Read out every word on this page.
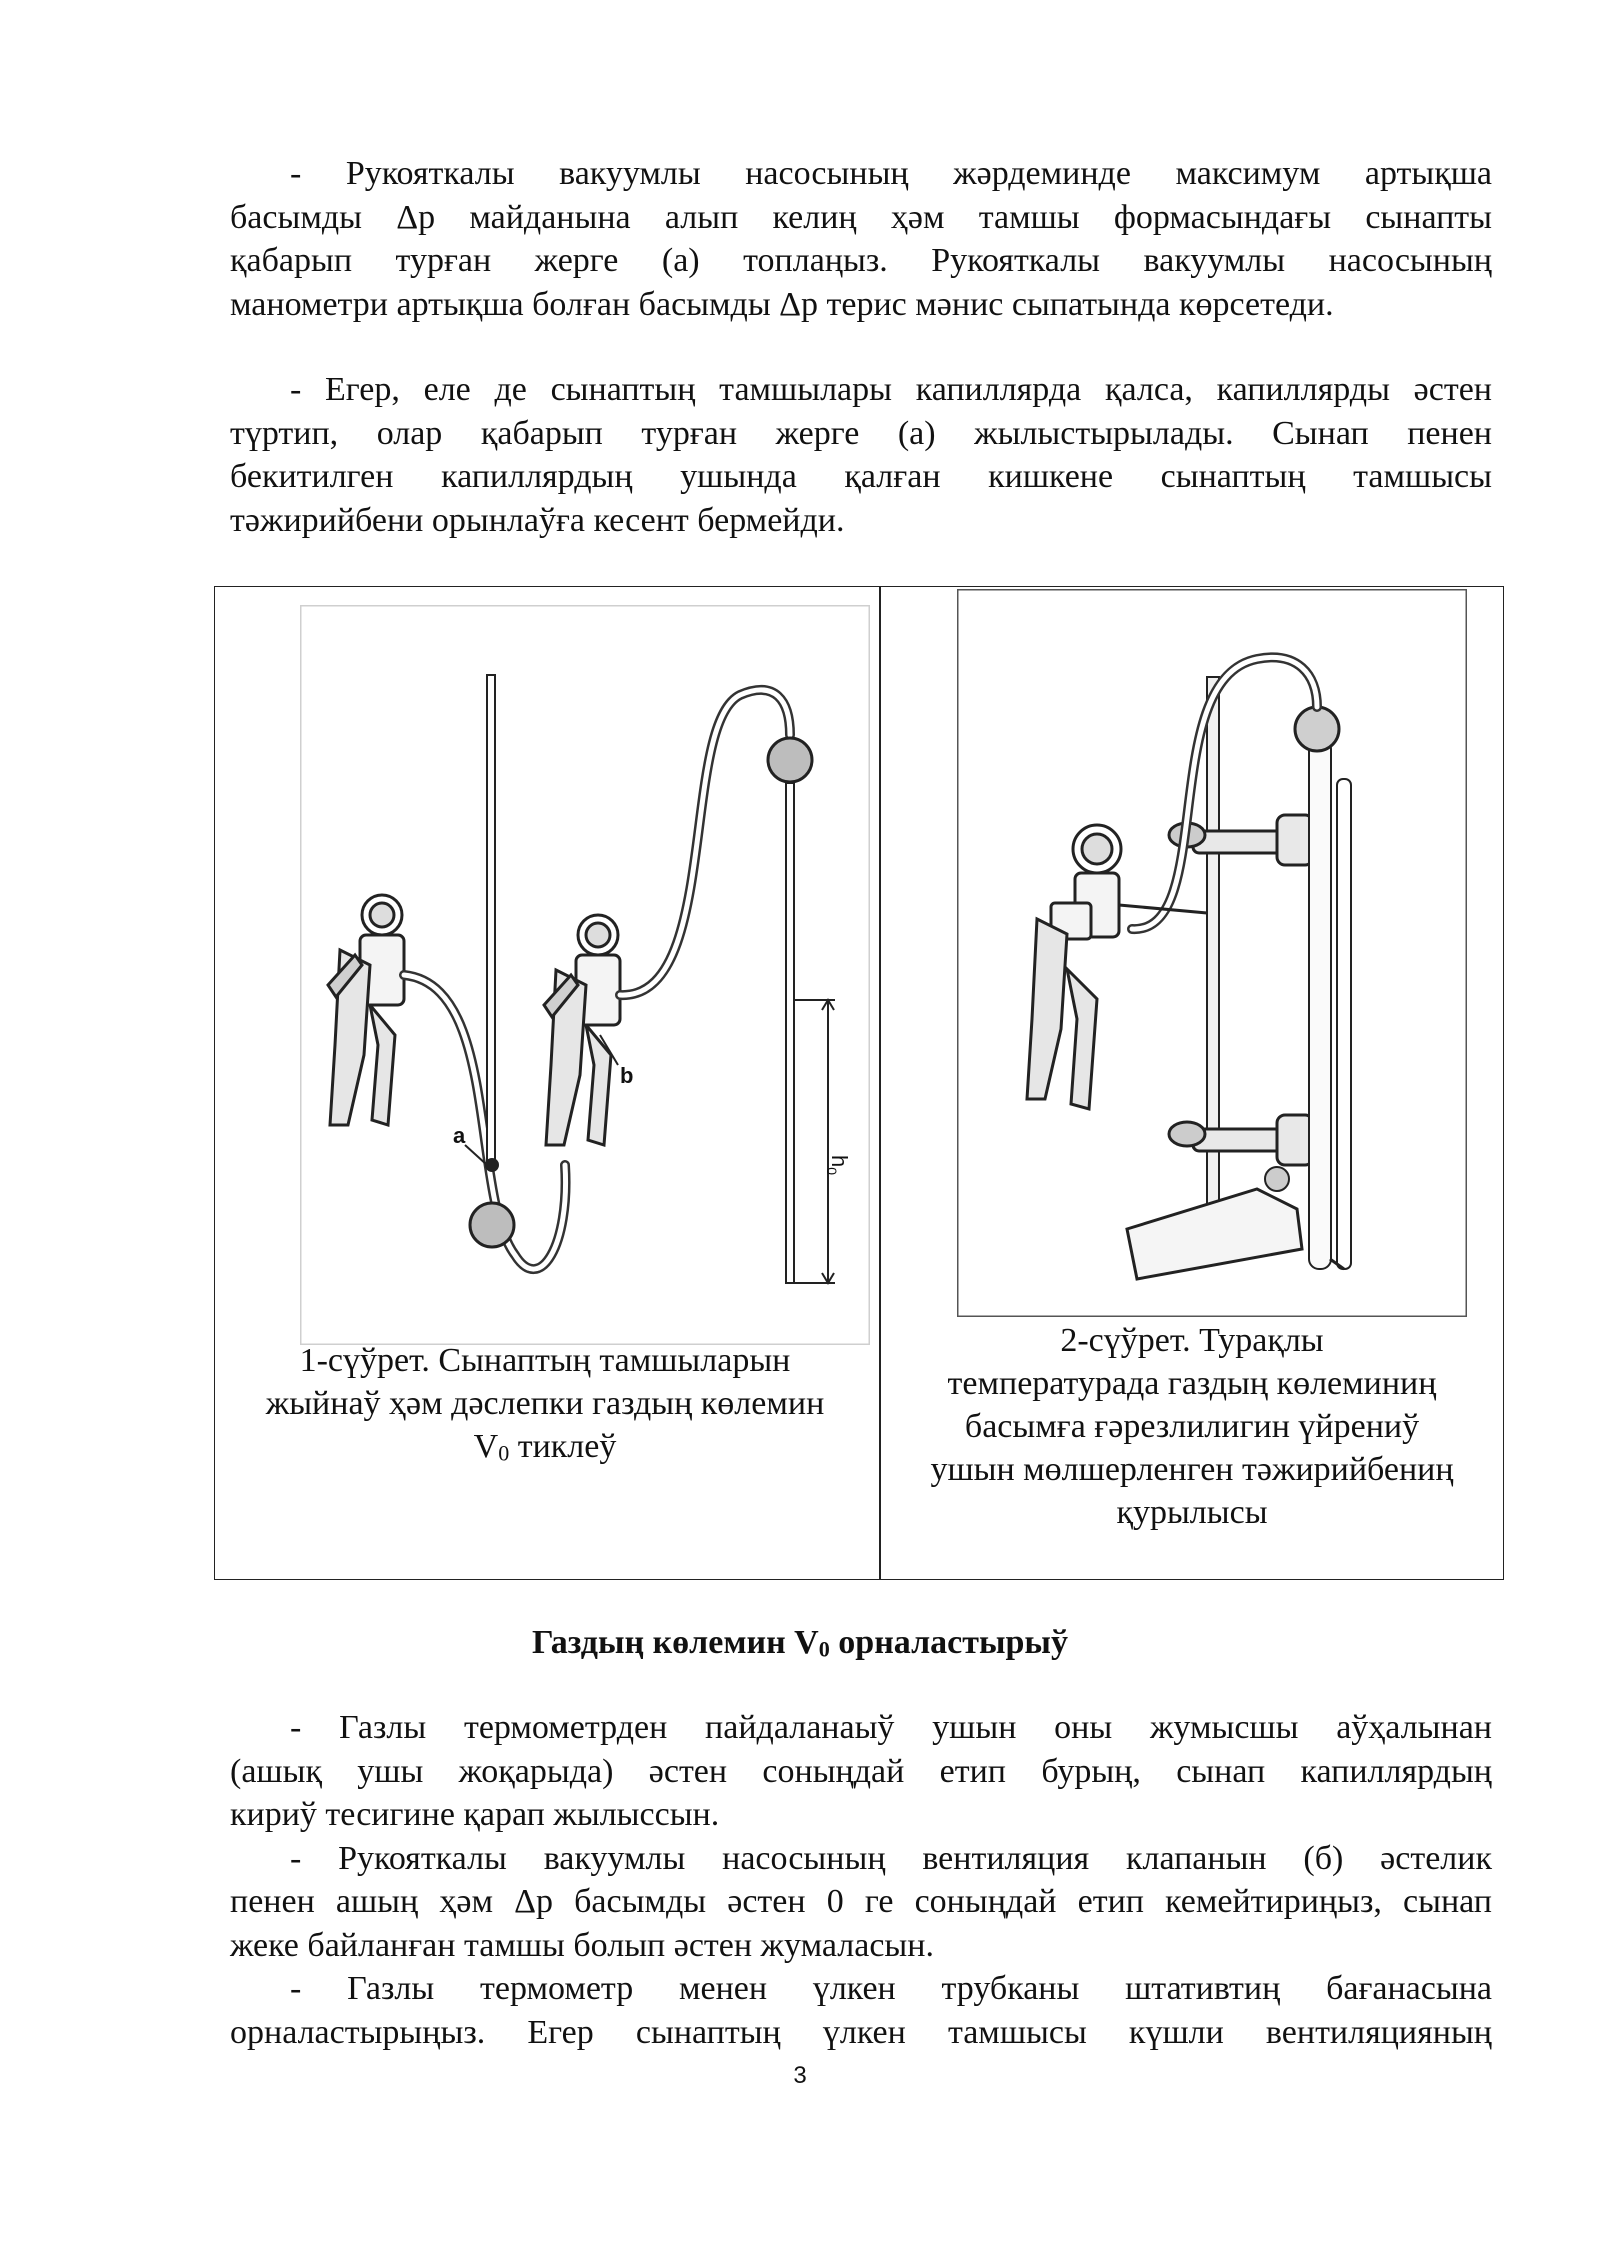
- Рукояткалы вакуумлы насосының жәрдеминде максимум артықша
басымды Δp майданына алып келиң ҳәм тамшы формасындағы сынапты
қабарып турған жерге (а) топлаңыз. Рукояткалы вакуумлы насосының
манометри артықша болған басымды Δp терис мәнис сыпатында көрсетеди.
- Егер, еле де сынаптың тамшылары капиллярда қалса, капиллярды әстен
түртип, олар қабарып турған жерге (а) жылыстырылады. Сынап пенен
бекитилген капиллярдың ушында қалған кишкене сынаптың тамшысы
тәжирийбени орынлаўға кесент бермейди.
a
b
$h_0$
1-сүўрет. Сынаптың тамшыларын
жыйнаў ҳәм дәслепки газдың көлемин
$V_0$ тиклеў
2-сүўрет. Турақлы
температурада газдың көлеминиң
басымға ғәрезлилигин үйрениў
ушын мөлшерленген тәжирийбениң
қурылысы

Газдың көлемин $V_0$ орналастырыў

- Газлы термометрден пайдаланаыў ушын оны жумысшы аўҳалынан
(ашық ушы жоқарыда) әстен соныңдай етип бурың, сынап капиллярдың
кириў тесигине қарап жылыссын.
- Рукояткалы вакуумлы насосының вентиляция клапанын (б) әстелик
пенен ашың ҳәм Δp басымды әстен 0 ге соныңдай етип кемейтириңыз, сынап
жеке байланған тамшы болып әстен жумаласын.
- Газлы термометр менен үлкен трубканы штативтиң бағанасына
орналастырыңыз. Егер сынаптың үлкен тамшысы күшли вентиляцияның

3
